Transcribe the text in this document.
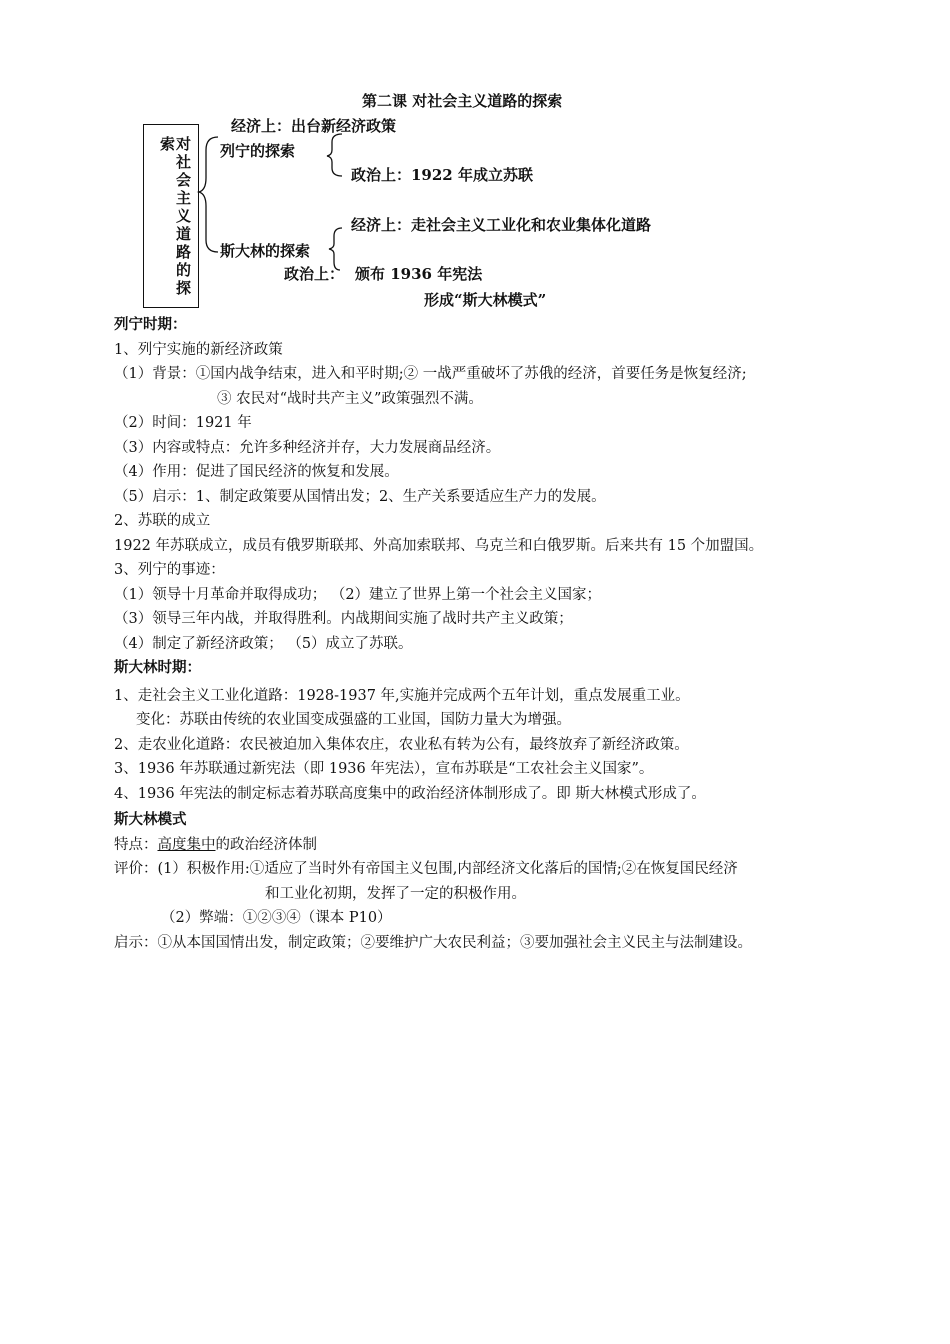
第二课 对社会主义道路的探索
索 对
社
会
主
义
道
路
的
探
经济上：出台新经济政策
列宁的探索
政治上：1922 年成立苏联
经济上：走社会主义工业化和农业集体化道路
斯大林的探索
政治上： 颁布 1936 年宪法
形成“斯大林模式”
列宁时期：
1、列宁实施的新经济政策
（1）背景：①国内战争结束，进入和平时期;② 一战严重破坏了苏俄的经济，首要任务是恢复经济;
③ 农民对“战时共产主义”政策强烈不满。
（2）时间：1921 年
（3）内容或特点：允许多种经济并存，大力发展商品经济。
（4）作用：促进了国民经济的恢复和发展。
（5）启示：1、制定政策要从国情出发；2、生产关系要适应生产力的发展。
2、苏联的成立
1922 年苏联成立，成员有俄罗斯联邦、外高加索联邦、乌克兰和白俄罗斯。后来共有 15 个加盟国。
3、列宁的事迹：
（1）领导十月革命并取得成功； （2）建立了世界上第一个社会主义国家；
（3）领导三年内战，并取得胜利。内战期间实施了战时共产主义政策；
（4）制定了新经济政策； （5）成立了苏联。
斯大林时期：
1、走社会主义工业化道路：1928-1937 年,实施并完成两个五年计划，重点发展重工业。
变化：苏联由传统的农业国变成强盛的工业国，国防力量大为增强。
2、走农业化道路：农民被迫加入集体农庄，农业私有转为公有，最终放弃了新经济政策。
3、1936 年苏联通过新宪法（即 1936 年宪法），宣布苏联是“工农社会主义国家”。
4、1936 年宪法的制定标志着苏联高度集中的政治经济体制形成了。即 斯大林模式形成了。
斯大林模式
特点：高度集中的政治经济体制
评价：(1）积极作用:①适应了当时外有帝国主义包围,内部经济文化落后的国情;②在恢复国民经济
和工业化初期，发挥了一定的积极作用。
（2）弊端：①②③④（课本 P10）
启示：①从本国国情出发，制定政策；②要维护广大农民利益；③要加强社会主义民主与法制建设。
